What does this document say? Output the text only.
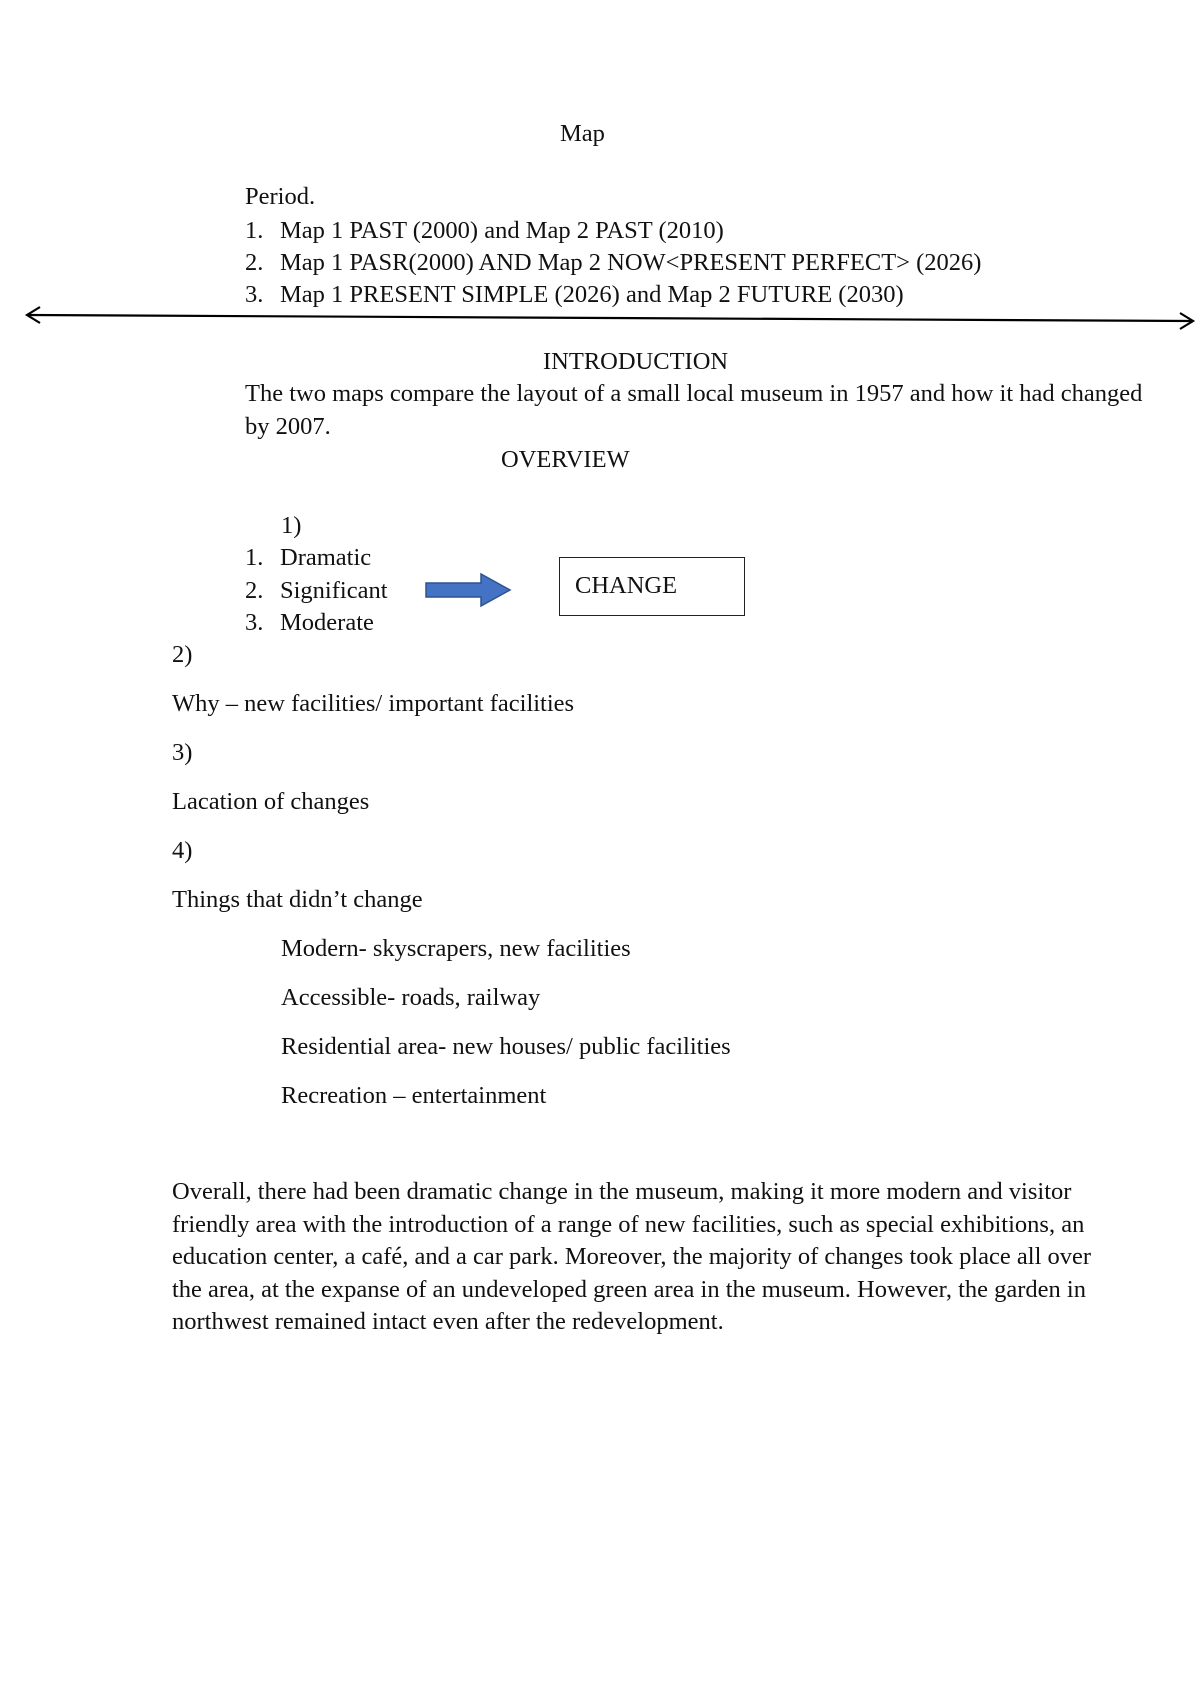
Map
Period.
1. Map 1 PAST (2000) and Map 2 PAST (2010)
2. Map 1 PASR(2000) AND Map 2 NOW<PRESENT PERFECT> (2026)
3. Map 1 PRESENT SIMPLE (2026) and Map 2 FUTURE (2030)
INTRODUCTION
The two maps compare the layout of a small local museum in 1957 and how it had changed by 2007.
OVERVIEW
1)
1. Dramatic
2. Significant
3. Moderate
CHANGE
2)
Why – new facilities/ important facilities
3)
Lacation of changes
4)
Things that didn’t change
Modern- skyscrapers, new facilities
Accessible- roads, railway
Residential area- new houses/ public facilities
Recreation – entertainment
Overall, there had been dramatic change in the museum, making it more modern and visitor friendly area with the introduction of a range of new facilities, such as special exhibitions, an education center, a café, and a car park. Moreover, the majority of changes took place all over the area, at the expanse of an undeveloped green area in the museum. However, the garden in northwest remained intact even after the redevelopment.
